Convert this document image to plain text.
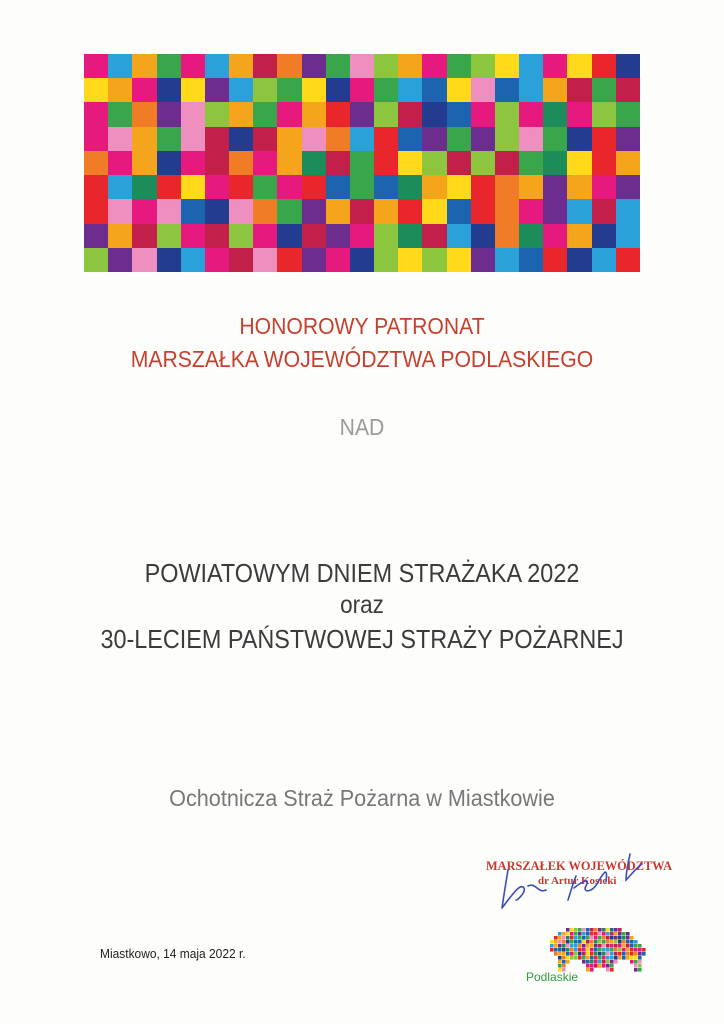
HONOROWY PATRONAT

MARSZAŁKA WOJEWÓDZTWA PODLASKIEGO

NAD

POWIATOWYM DNIEM STRAŻAKA 2022

oraz

30-LECIEM PAŃSTWOWEJ STRAŻY POŻARNEJ

Ochotnicza Straż Pożarna w Miastkowie

Miastkowo, 14 maja 2022 r.
MARSZAŁEK WOJEWÓDZTWA
dr Artur Kosicki
Podlaskie
